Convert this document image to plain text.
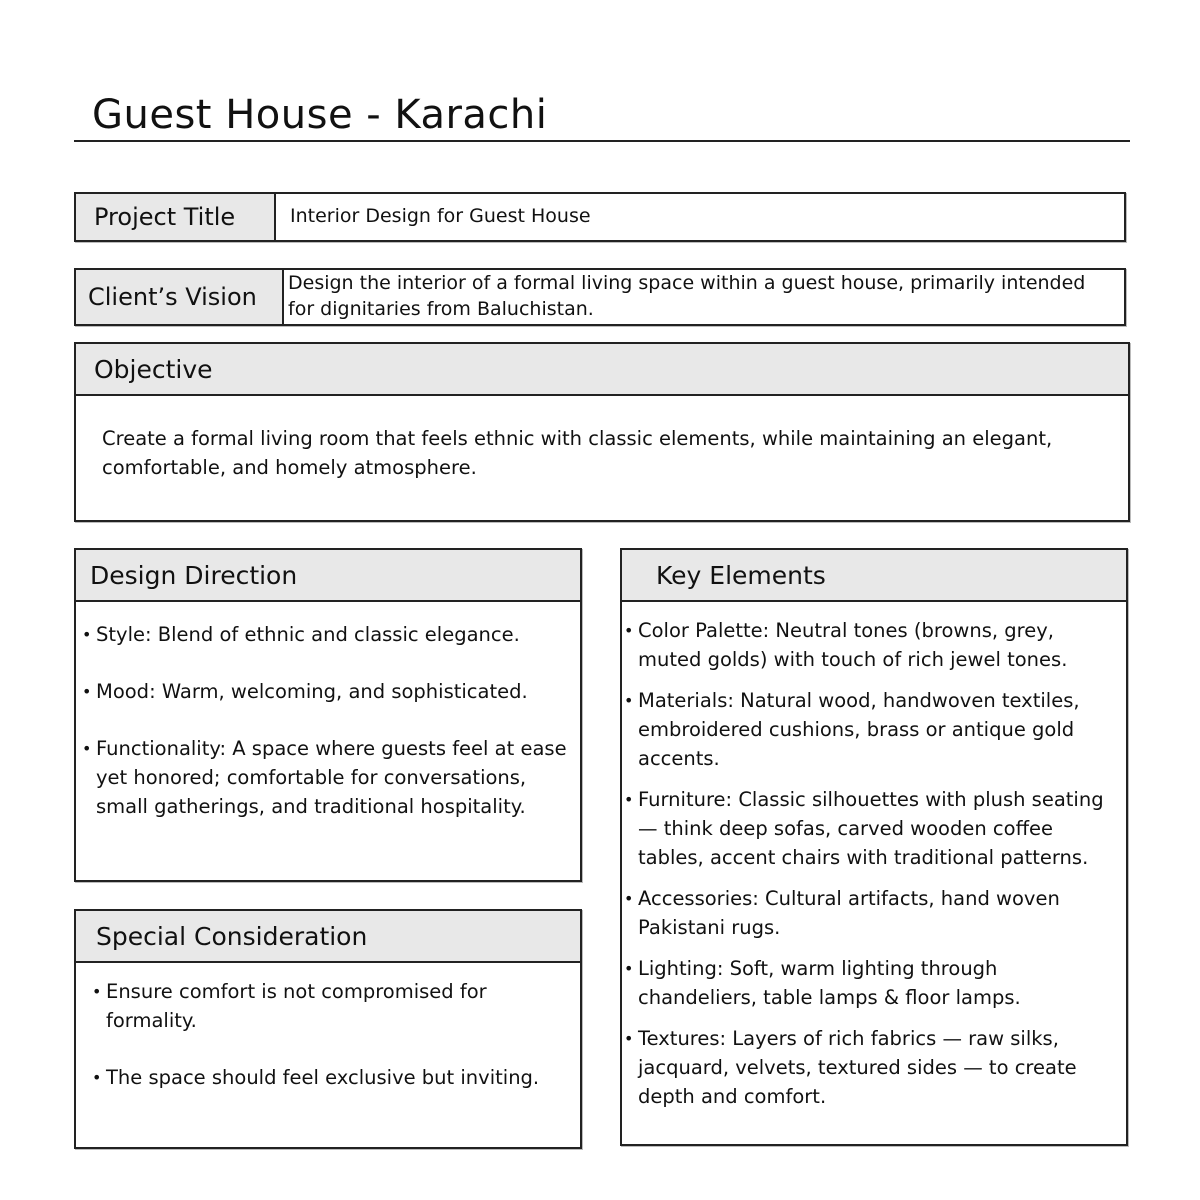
Guest House - Karachi
Project Title	Interior Design for Guest House
Client’s Vision	Design the interior of a formal living space within a guest house, primarily intended for dignitaries from Baluchistan.
Objective
Create a formal living room that feels ethnic with classic elements, while maintaining an elegant, comfortable, and homely atmosphere.
Design Direction
• Style: Blend of ethnic and classic elegance.
• Mood: Warm, welcoming, and sophisticated.
• Functionality: A space where guests feel at ease yet honored; comfortable for conversations, small gatherings, and traditional hospitality.
Special Consideration
• Ensure comfort is not compromised for formality.
• The space should feel exclusive but inviting.
Key Elements
• Color Palette: Neutral tones (browns, grey, muted golds) with touch of rich jewel tones.
• Materials: Natural wood, handwoven textiles, embroidered cushions, brass or antique gold accents.
• Furniture: Classic silhouettes with plush seating — think deep sofas, carved wooden coffee tables, accent chairs with traditional patterns.
• Accessories: Cultural artifacts, hand woven Pakistani rugs.
• Lighting: Soft, warm lighting through chandeliers, table lamps & floor lamps.
• Textures: Layers of rich fabrics — raw silks, jacquard, velvets, textured sides — to create depth and comfort.
